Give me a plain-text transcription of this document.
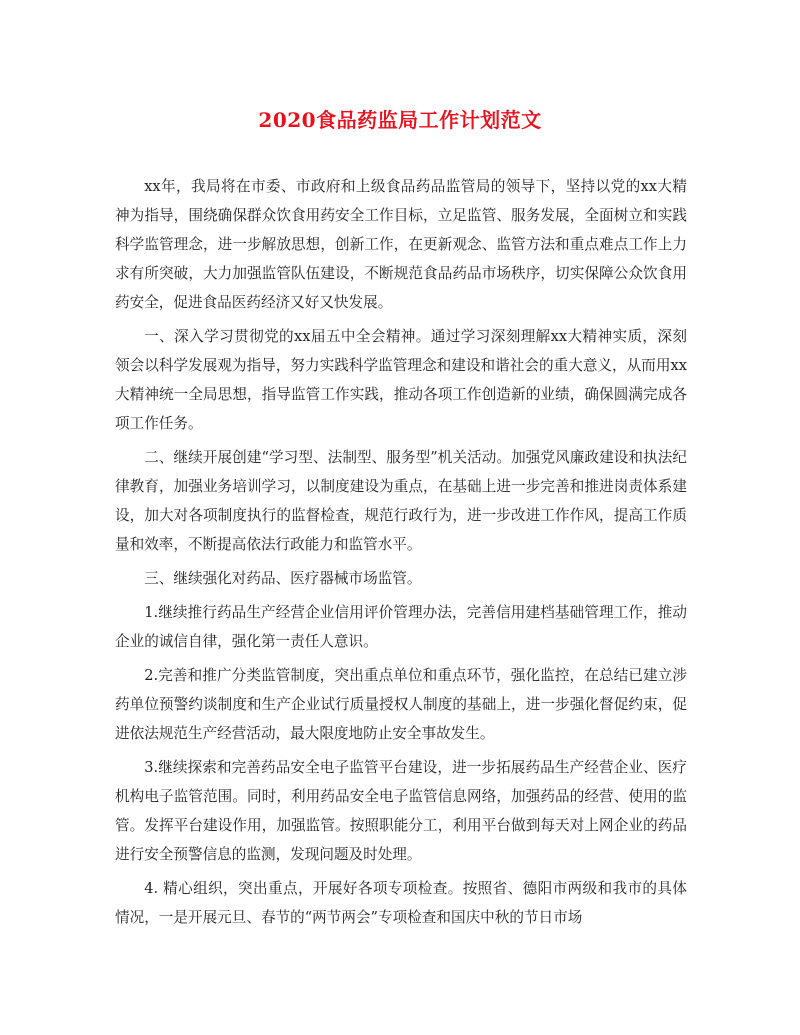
2020食品药监局工作计划范文

xx年，我局将在市委、市政府和上级食品药品监管局的领导下，坚持以党的xx大精神为指导，围绕确保群众饮食用药安全工作目标，立足监管、服务发展，全面树立和实践科学监管理念，进一步解放思想，创新工作，在更新观念、监管方法和重点难点工作上力求有所突破，大力加强监管队伍建设，不断规范食品药品市场秩序，切实保障公众饮食用药安全，促进食品医药经济又好又快发展。

一、深入学习贯彻党的xx届五中全会精神。通过学习深刻理解xx大精神实质，深刻领会以科学发展观为指导，努力实践科学监管理念和建设和谐社会的重大意义，从而用xx大精神统一全局思想，指导监管工作实践，推动各项工作创造新的业绩，确保圆满完成各项工作任务。

二、继续开展创建“学习型、法制型、服务型”机关活动。加强党风廉政建设和执法纪律教育，加强业务培训学习，以制度建设为重点，在基础上进一步完善和推进岗责体系建设，加大对各项制度执行的监督检查，规范行政行为，进一步改进工作作风，提高工作质量和效率，不断提高依法行政能力和监管水平。

三、继续强化对药品、医疗器械市场监管。

1.继续推行药品生产经营企业信用评价管理办法，完善信用建档基础管理工作，推动企业的诚信自律，强化第一责任人意识。

2.完善和推广分类监管制度，突出重点单位和重点环节，强化监控，在总结已建立涉药单位预警约谈制度和生产企业试行质量授权人制度的基础上，进一步强化督促约束，促进依法规范生产经营活动，最大限度地防止安全事故发生。

3.继续探索和完善药品安全电子监管平台建设，进一步拓展药品生产经营企业、医疗机构电子监管范围。同时，利用药品安全电子监管信息网络，加强药品的经营、使用的监管。发挥平台建设作用，加强监管。按照职能分工，利用平台做到每天对上网企业的药品进行安全预警信息的监测，发现问题及时处理。

4. 精心组织，突出重点，开展好各项专项检查。按照省、德阳市两级和我市的具体情况，一是开展元旦、春节的“两节两会”专项检查和国庆中秋的节日市场
